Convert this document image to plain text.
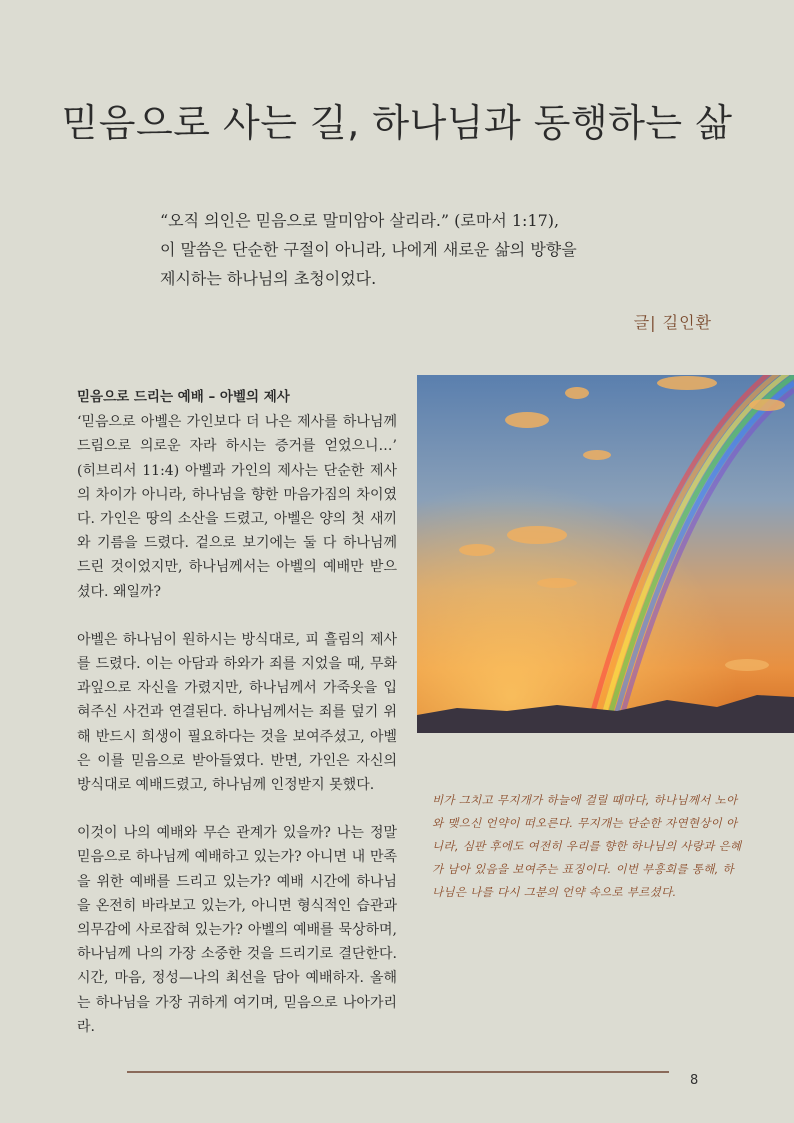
믿음으로 사는 길, 하나님과 동행하는 삶
“오직 의인은 믿음으로 말미암아 살리라.” (로마서 1:17),
이 말씀은 단순한 구절이 아니라, 나에게 새로운 삶의 방향을
제시하는 하나님의 초청이었다.
글| 길인환
믿음으로 드리는 예배 – 아벨의 제사

‘믿음으로 아벨은 가인보다 더 나은 제사를 하나님께 드림으로 의로운 자라 하시는 증거를 얻었으니…’ (히브리서 11:4) 아벨과 가인의 제사는 단순한 제사의 차이가 아니라, 하나님을 향한 마음가짐의 차이였다. 가인은 땅의 소산을 드렸고, 아벨은 양의 첫 새끼와 기름을 드렸다. 겉으로 보기에는 둘 다 하나님께 드린 것이었지만, 하나님께서는 아벨의 예배만 받으셨다. 왜일까?

아벨은 하나님이 원하시는 방식대로, 피 흘림의 제사를 드렸다. 이는 아담과 하와가 죄를 지었을 때, 무화과잎으로 자신을 가렸지만, 하나님께서 가죽옷을 입혀주신 사건과 연결된다. 하나님께서는 죄를 덮기 위해 반드시 희생이 필요하다는 것을 보여주셨고, 아벨은 이를 믿음으로 받아들였다. 반면, 가인은 자신의 방식대로 예배드렸고, 하나님께 인정받지 못했다.

이것이 나의 예배와 무슨 관계가 있을까? 나는 정말 믿음으로 하나님께 예배하고 있는가? 아니면 내 만족을 위한 예배를 드리고 있는가? 예배 시간에 하나님을 온전히 바라보고 있는가, 아니면 형식적인 습관과 의무감에 사로잡혀 있는가? 아벨의 예배를 묵상하며, 하나님께 나의 가장 소중한 것을 드리기로 결단한다. 시간, 마음, 정성—나의 최선을 담아 예배하자. 올해는 하나님을 가장 귀하게 여기며, 믿음으로 나아가리라.

비가 그치고 무지개가 하늘에 걸릴 때마다, 하나님께서 노아와 맺으신 언약이 떠오른다. 무지개는 단순한 자연현상이 아니라, 심판 후에도 여전히 우리를 향한 하나님의 사랑과 은혜가 남아 있음을 보여주는 표징이다. 이번 부흥회를 통해, 하나님은 나를 다시 그분의 언약 속으로 부르셨다.
8
